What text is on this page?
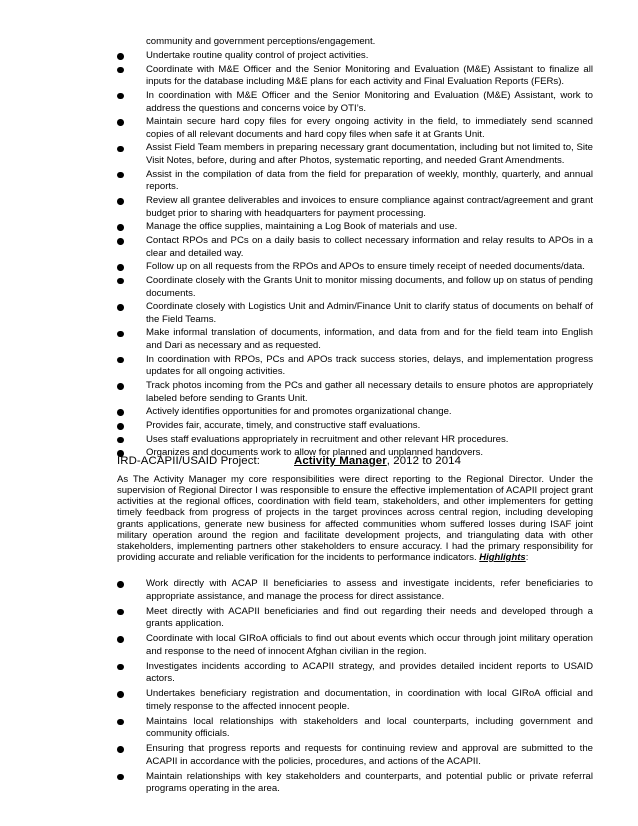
community and government perceptions/engagement.
Undertake routine quality control of project activities.
Coordinate with M&E Officer and the Senior Monitoring and Evaluation (M&E) Assistant to finalize all inputs for the database including M&E plans for each activity and Final Evaluation Reports (FERs).
In coordination with M&E Officer and the Senior Monitoring and Evaluation (M&E) Assistant, work to address the questions and concerns voice by OTI’s.
Maintain secure hard copy files for every ongoing activity in the field, to immediately send scanned copies of all relevant documents and hard copy files when safe it at Grants Unit.
Assist Field Team members in preparing necessary grant documentation, including but not limited to, Site Visit Notes, before, during and after Photos, systematic reporting, and needed Grant Amendments.
Assist in the compilation of data from the field for preparation of weekly, monthly, quarterly, and annual reports.
Review all grantee deliverables and invoices to ensure compliance against contract/agreement and grant budget prior to sharing with headquarters for payment processing.
Manage the office supplies, maintaining a Log Book of materials and use.
Contact RPOs and PCs on a daily basis to collect necessary information and relay results to APOs in a clear and detailed way.
Follow up on all requests from the RPOs and APOs to ensure timely receipt of needed documents/data.
Coordinate closely with the Grants Unit to monitor missing documents, and follow up on status of pending documents.
Coordinate closely with Logistics Unit and Admin/Finance Unit to clarify status of documents on behalf of the Field Teams.
Make informal translation of documents, information, and data from and for the field team into English and Dari as necessary and as requested.
In coordination with RPOs, PCs and APOs track success stories, delays, and implementation progress updates for all ongoing activities.
Track photos incoming from the PCs and gather all necessary details to ensure photos are appropriately labeled before sending to Grants Unit.
Actively identifies opportunities for and promotes organizational change.
Provides fair, accurate, timely, and constructive staff evaluations.
Uses staff evaluations appropriately in recruitment and other relevant HR procedures.
Organizes and documents work to allow for planned and unplanned handovers.
IRD-ACAPII/USAID Project:	Activity Manager, 2012 to 2014
As The Activity Manager my core responsibilities were direct reporting to the Regional Director. Under the supervision of Regional Director I was responsible to ensure the effective implementation of ACAPII project grant activities at the regional offices, coordination with field team, stakeholders, and other implementers for getting timely feedback from progress of projects in the target provinces across central region, including developing grants applications, generate new business for affected communities whom suffered losses during ISAF joint military operation around the region and facilitate development projects, and triangulating data with other stakeholders, implementing partners other stakeholders to ensure accuracy. I had the primary responsibility for providing accurate and reliable verification for the incidents to performance indicators. Highlights:
Work directly with ACAP II beneficiaries to assess and investigate incidents, refer beneficiaries to appropriate assistance, and manage the process for direct assistance.
Meet directly with ACAPII beneficiaries and find out regarding their needs and developed through a grants application.
Coordinate with local GIRoA officials to find out about events which occur through joint military operation and response to the need of innocent Afghan civilian in the region.
Investigates incidents according to ACAPII strategy, and provides detailed incident reports to USAID actors.
Undertakes beneficiary registration and documentation, in coordination with local GIRoA official and timely response to the affected innocent people.
Maintains local relationships with stakeholders and local counterparts, including government and community officials.
Ensuring that progress reports and requests for continuing review and approval are submitted to the ACAPII in accordance with the policies, procedures, and actions of the ACAPII.
Maintain relationships with key stakeholders and counterparts, and potential public or private referral programs operating in the area.
